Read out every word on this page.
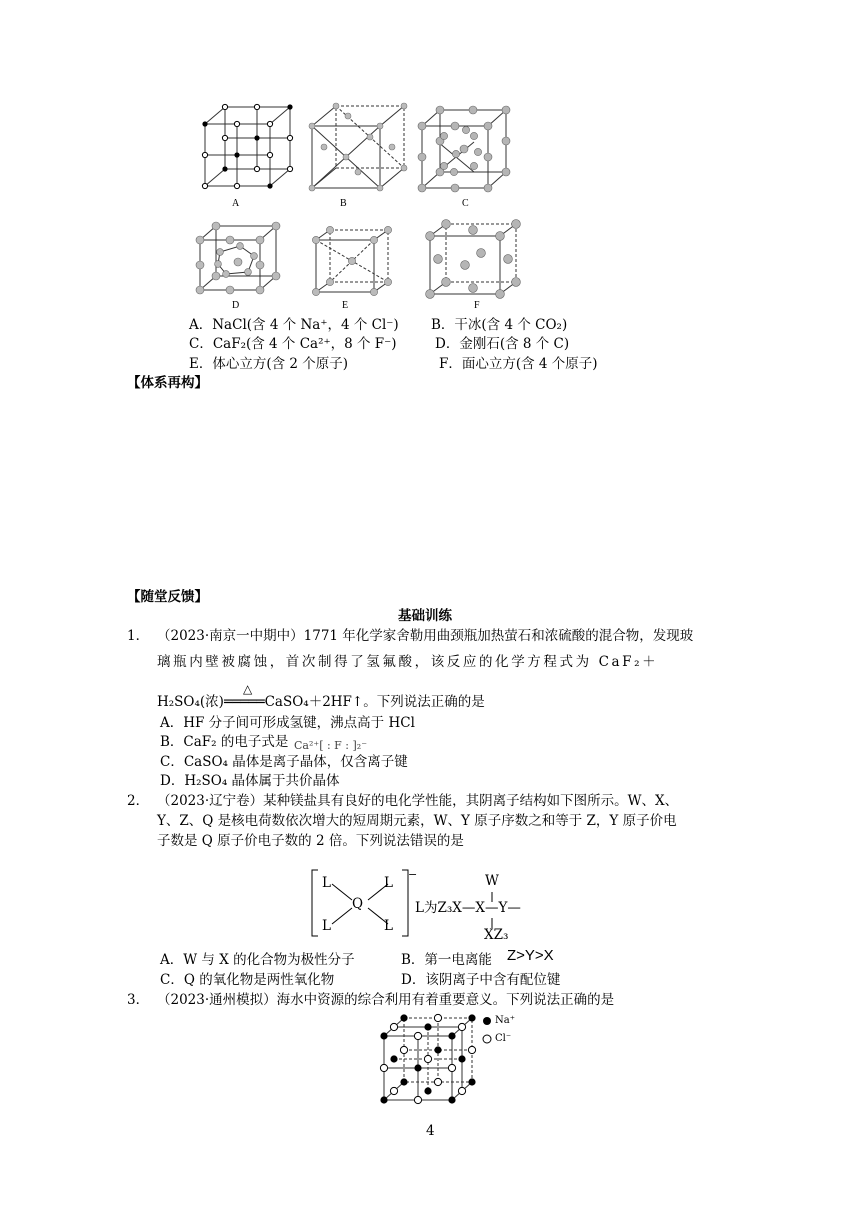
A	B	C
D	E	F
A．NaCl(含 4 个 Na⁺，4 个 Cl⁻) B．干冰(含 4 个 CO₂)
C．CaF₂(含 4 个 Ca²⁺，8 个 F⁻)	D．金刚石(含 8 个 C)
E．体心立方(含 2 个原子)	F．面心立方(含 4 个原子)
【体系再构】
【随堂反馈】
基础训练
1． （2023·南京一中期中）1771 年化学家舍勒用曲颈瓶加热萤石和浓硫酸的混合物，发现玻
璃瓶内壁被腐蚀，首次制得了氢氟酸，该反应的化学方程式为 CaF₂＋
△
H₂SO₄(浓)═════CaSO₄＋2HF↑。下列说法正确的是
A．HF 分子间可形成氢键，沸点高于 HCl
B．CaF₂ 的电子式是 Ca²⁺[ : F : ]₂⁻
C．CaSO₄ 晶体是离子晶体，仅含离子键
D．H₂SO₄ 晶体属于共价晶体
2． （2023·辽宁卷）某种镁盐具有良好的电化学性能，其阴离子结构如下图所示。W、X、
Y、Z、Q 是核电荷数依次增大的短周期元素，W、Y 原子序数之和等于 Z，Y 原子价电
子数是 Q 原子价电子数的 2 倍。下列说法错误的是
L	L
Q
L	L
−	W
L为Z₃X—X—Y—
XZ₃
A．W 与 X 的化合物为极性分子	B．第一电离能 Z>Y>X
C．Q 的氧化物是两性氧化物	D．该阴离子中含有配位键
3． （2023·通州模拟）海水中资源的综合利用有着重要意义。下列说法正确的是
Na⁺
Cl⁻
4
